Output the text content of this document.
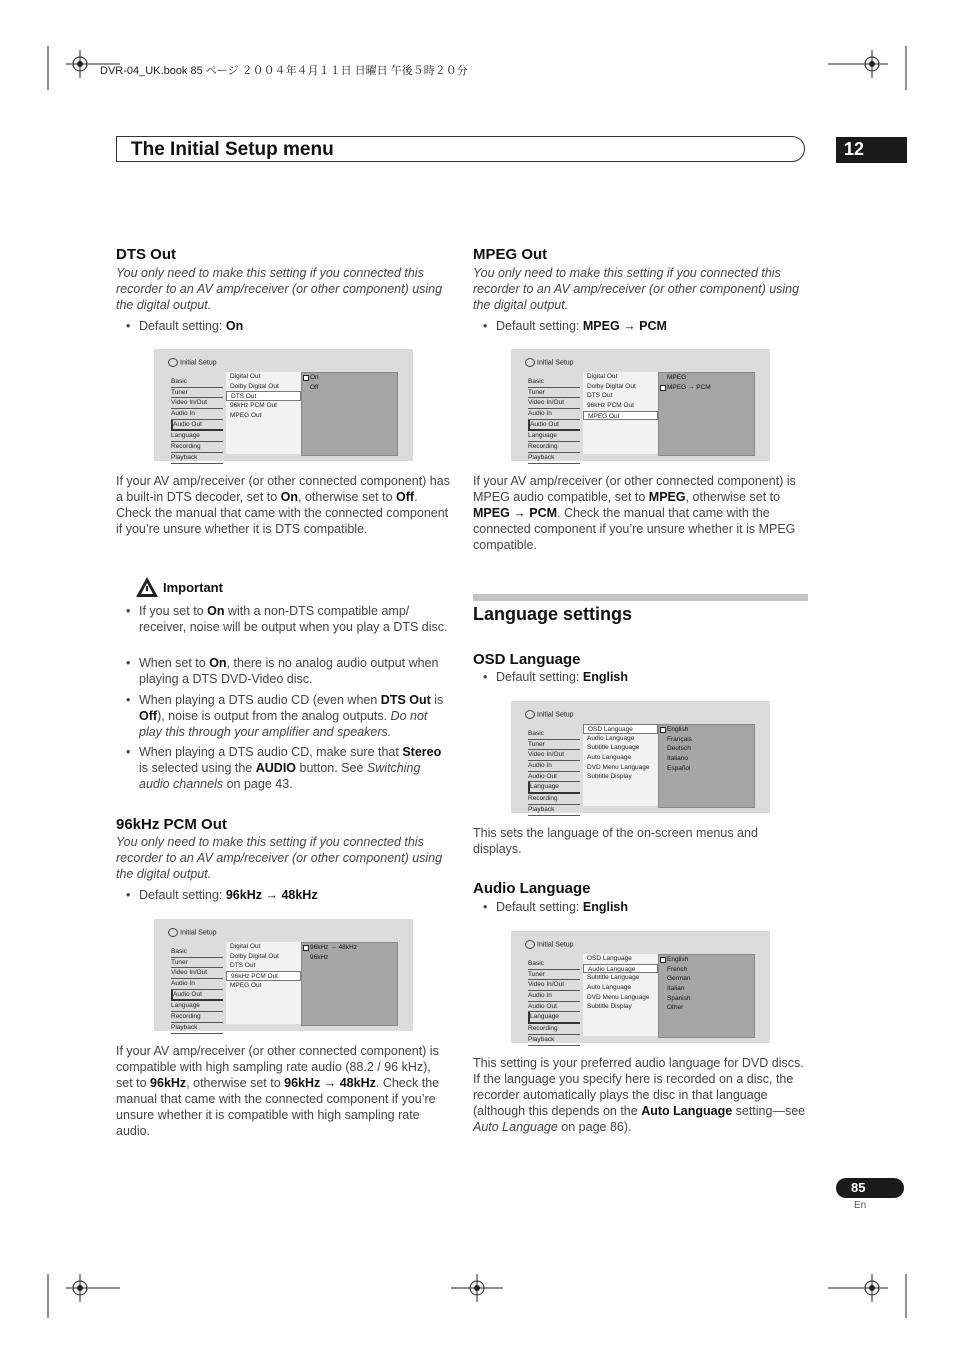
DVR-04_UK.book 85 ページ ２００４年４月１１日 日曜日 午後５時２０分
The Initial Setup menu	12
DTS Out
You only need to make this setting if you connected this recorder to an AV amp/receiver (or other component) using the digital output.
• Default setting: On
Initial Setup
Basic
Tuner
Video In/Out
Audio In
Audio Out
Language
Recording
Playback
Digital Out
Dolby Digital Out
DTS Out
96kHz PCM Out
MPEG Out
On
Off
If your AV amp/receiver (or other connected component) has a built-in DTS decoder, set to On, otherwise set to Off. Check the manual that came with the connected component if you’re unsure whether it is DTS compatible.
Important
• If you set to On with a non-DTS compatible amp/ receiver, noise will be output when you play a DTS disc.
• When set to On, there is no analog audio output when playing a DTS DVD-Video disc.
• When playing a DTS audio CD (even when DTS Out is Off), noise is output from the analog outputs. Do not play this through your amplifier and speakers.
• When playing a DTS audio CD, make sure that Stereo is selected using the AUDIO button. See Switching audio channels on page 43.
96kHz PCM Out
You only need to make this setting if you connected this recorder to an AV amp/receiver (or other component) using the digital output.
• Default setting: 96kHz → 48kHz
Initial Setup
Basic
Tuner
Video In/Out
Audio In
Audio Out
Language
Recording
Playback
Digital Out
Dolby Digital Out
DTS Out
96kHz PCM Out
MPEG Out
96kHz → 48kHz
96kHz
If your AV amp/receiver (or other connected component) is compatible with high sampling rate audio (88.2 / 96 kHz), set to 96kHz, otherwise set to 96kHz → 48kHz. Check the manual that came with the connected component if you’re unsure whether it is compatible with high sampling rate audio.
MPEG Out
You only need to make this setting if you connected this recorder to an AV amp/receiver (or other component) using the digital output.
• Default setting: MPEG → PCM
Initial Setup
Basic
Tuner
Video In/Out
Audio In
Audio Out
Language
Recording
Playback
Digital Out
Dolby Digital Out
DTS Out
96kHz PCM Out
MPEG Out
MPEG
MPEG → PCM
If your AV amp/receiver (or other connected component) is MPEG audio compatible, set to MPEG, otherwise set to MPEG → PCM. Check the manual that came with the connected component if you’re unsure whether it is MPEG compatible.
Language settings
OSD Language
• Default setting: English
Initial Setup
Basic
Tuner
Video In/Out
Audio In
Audio Out
Language
Recording
Playback
OSD Language
Audio Language
Subtitle Language
Auto Language
DVD Menu Language
Subtitle Display
English
Français
Deutsch
Italiano
Español
This sets the language of the on-screen menus and displays.
Audio Language
• Default setting: English
Initial Setup
Basic
Tuner
Video In/Out
Audio In
Audio Out
Language
Recording
Playback
OSD Language
Audio Language
Subtitle Language
Auto Language
DVD Menu Language
Subtitle Display
English
French
German
Italian
Spanish
Other
This setting is your preferred audio language for DVD discs. If the language you specify here is recorded on a disc, the recorder automatically plays the disc in that language (although this depends on the Auto Language setting—see Auto Language on page 86).
85
En
